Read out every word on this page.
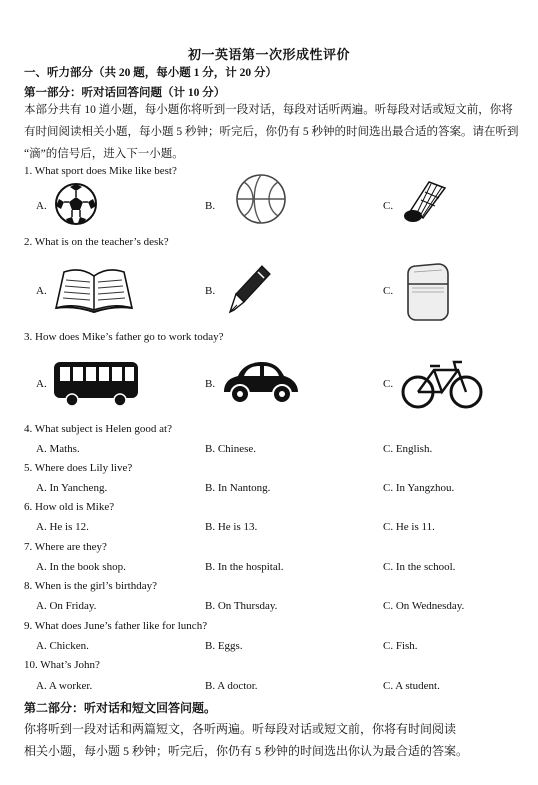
初一英语第一次形成性评价
一、听力部分（共 20 题，每小题 1 分，计 20 分）
第一部分：听对话回答问题（计 10 分）
本部分共有 10 道小题，每小题你将听到一段对话，每段对话听两遍。听每段对话或短文前，你将
有时间阅读相关小题，每小题 5 秒钟；听完后，你仍有 5 秒钟的时间选出最合适的答案。请在听到
“滴”的信号后，进入下一小题。
1. What sport does Mike like best?
A.	B.	C.
2. What is on the teacher’s desk?
A.	B.	C.
3. How does Mike’s father go to work today?
A.	B.	C.
4. What subject is Helen good at?
A. Maths.	B. Chinese.	C. English.
5. Where does Lily live?
A. In Yancheng.	B. In Nantong.	C. In Yangzhou.
6. How old is Mike?
A. He is 12.	B. He is 13.	C. He is 11.
7. Where are they?
A. In the book shop.	B. In the hospital.	C. In the school.
8. When is the girl’s birthday?
A. On Friday.	B. On Thursday.	C. On Wednesday.
9. What does June’s father like for lunch?
A. Chicken.	B. Eggs.	C. Fish.
10. What’s John?
A. A worker.	B. A doctor.	C. A student.
第二部分：听对话和短文回答问题。
你将听到一段对话和两篇短文，各听两遍。听每段对话或短文前，你将有时间阅读
相关小题，每小题 5 秒钟；听完后，你仍有 5 秒钟的时间选出你认为最合适的答案。
